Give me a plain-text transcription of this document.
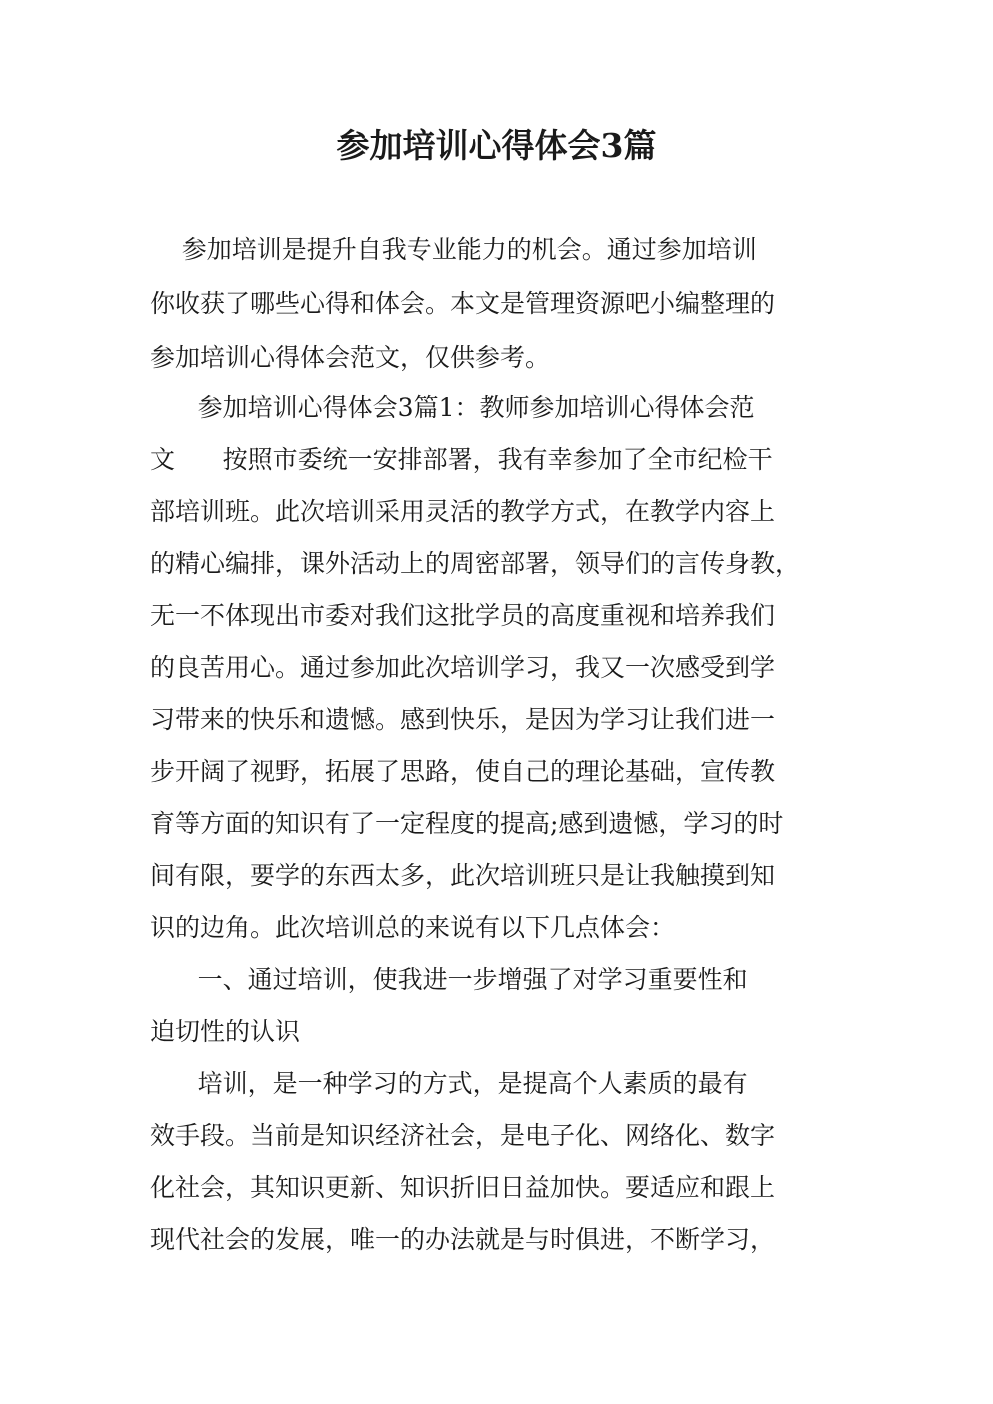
参加培训心得体会3篇
参加培训是提升自我专业能力的机会。通过参加培训
你收获了哪些心得和体会。本文是管理资源吧小编整理的
参加培训心得体会范文，仅供参考。
参加培训心得体会3篇1：教师参加培训心得体会范
文      按照市委统一安排部署，我有幸参加了全市纪检干
部培训班。此次培训采用灵活的教学方式，在教学内容上
的精心编排，课外活动上的周密部署，领导们的言传身教，
无一不体现出市委对我们这批学员的高度重视和培养我们
的良苦用心。通过参加此次培训学习，我又一次感受到学
习带来的快乐和遗憾。感到快乐，是因为学习让我们进一
步开阔了视野，拓展了思路，使自己的理论基础，宣传教
育等方面的知识有了一定程度的提高;感到遗憾，学习的时
间有限，要学的东西太多，此次培训班只是让我触摸到知
识的边角。此次培训总的来说有以下几点体会：
一、通过培训，使我进一步增强了对学习重要性和
迫切性的认识
培训，是一种学习的方式，是提高个人素质的最有
效手段。当前是知识经济社会，是电子化、网络化、数字
化社会，其知识更新、知识折旧日益加快。要适应和跟上
现代社会的发展，唯一的办法就是与时俱进，不断学习，
